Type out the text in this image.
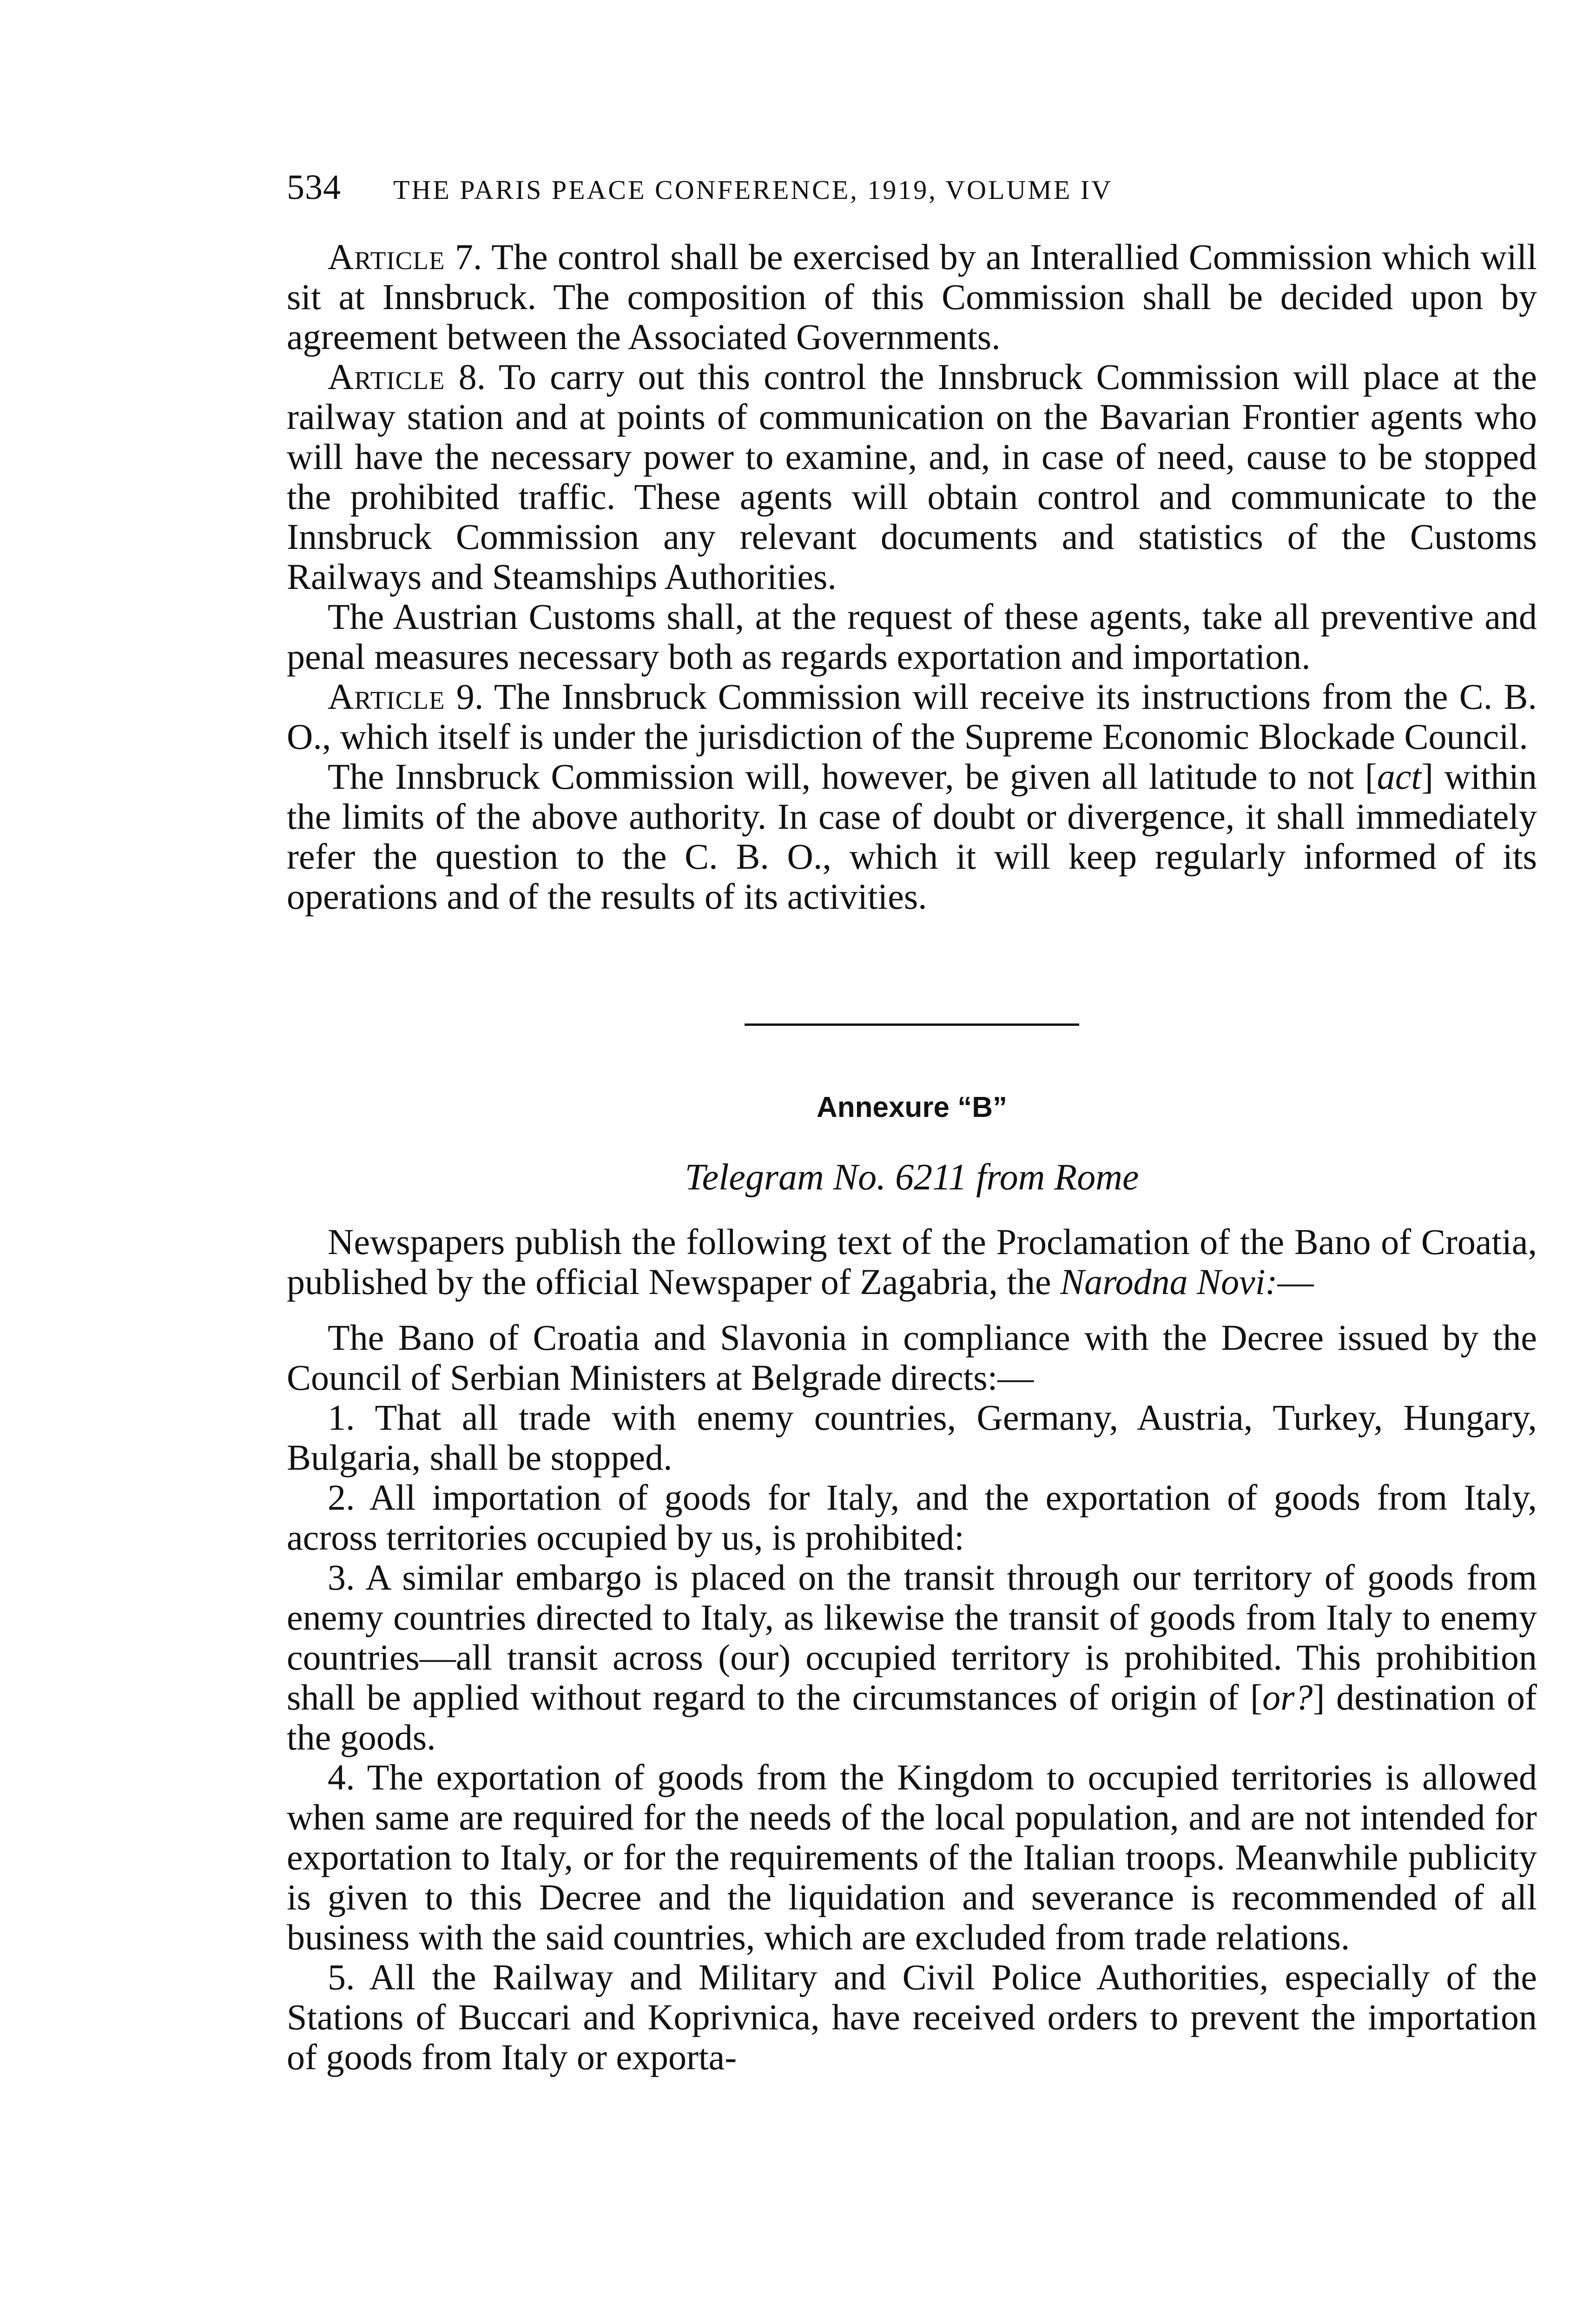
534 THE PARIS PEACE CONFERENCE, 1919, VOLUME IV

Article 7. The control shall be exercised by an Interallied Commission which will sit at Innsbruck. The composition of this Commission shall be decided upon by agreement between the Associated Governments.

Article 8. To carry out this control the Innsbruck Commission will place at the railway station and at points of communication on the Bavarian Frontier agents who will have the necessary power to examine, and, in case of need, cause to be stopped the prohibited traffic. These agents will obtain control and communicate to the Innsbruck Commission any relevant documents and statistics of the Customs Railways and Steamships Authorities.

The Austrian Customs shall, at the request of these agents, take all preventive and penal measures necessary both as regards exportation and importation.

Article 9. The Innsbruck Commission will receive its instructions from the C. B. O., which itself is under the jurisdiction of the Supreme Economic Blockade Council.

The Innsbruck Commission will, however, be given all latitude to not [act] within the limits of the above authority. In case of doubt or divergence, it shall immediately refer the question to the C. B. O., which it will keep regularly informed of its operations and of the results of its activities.

Annexure “B”
Telegram No. 6211 from Rome

Newspapers publish the following text of the Proclamation of the Bano of Croatia, published by the official Newspaper of Zagabria, the Narodna Novi:—

The Bano of Croatia and Slavonia in compliance with the Decree issued by the Council of Serbian Ministers at Belgrade directs:—

1. That all trade with enemy countries, Germany, Austria, Turkey, Hungary, Bulgaria, shall be stopped.

2. All importation of goods for Italy, and the exportation of goods from Italy, across territories occupied by us, is prohibited:

3. A similar embargo is placed on the transit through our territory of goods from enemy countries directed to Italy, as likewise the transit of goods from Italy to enemy countries—all transit across (our) occupied territory is prohibited. This prohibition shall be applied without regard to the circumstances of origin of [or?] destination of the goods.

4. The exportation of goods from the Kingdom to occupied territories is allowed when same are required for the needs of the local population, and are not intended for exportation to Italy, or for the requirements of the Italian troops. Meanwhile publicity is given to this Decree and the liquidation and severance is recommended of all business with the said countries, which are excluded from trade relations.

5. All the Railway and Military and Civil Police Authorities, especially of the Stations of Buccari and Koprivnica, have received orders to prevent the importation of goods from Italy or exporta-
